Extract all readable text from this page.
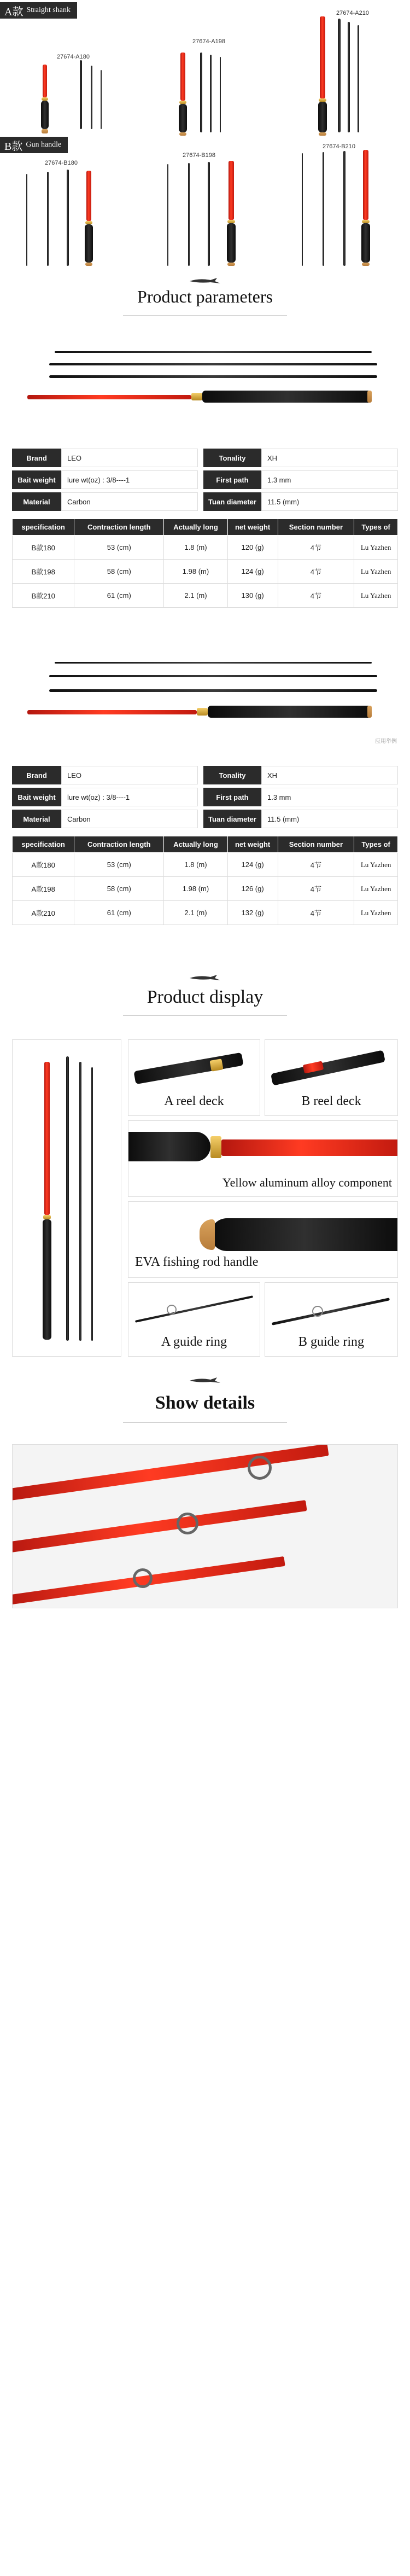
A款 Straight shank
27674-A180
27674-A198
27674-A210
B款 Gun handle
27674-B180
27674-B198
27674-B210
Product parameters
Brand	LEO	Tonality	XH
Bait weight	lure wt(oz) : 3/8----1	First path	1.3 mm
Material	Carbon	Tuan diameter	11.5 (mm)
specification	Contraction length	Actually long	net weight	Section number	Types of
B款180	53 (cm)	1.8 (m)	120 (g)	4节	Lu Yazhen
B款198	58 (cm)	1.98 (m)	124 (g)	4节	Lu Yazhen
B款210	61 (cm)	2.1 (m)	130 (g)	4节	Lu Yazhen
应用举例
Brand	LEO	Tonality	XH
Bait weight	lure wt(oz) : 3/8----1	First path	1.3 mm
Material	Carbon	Tuan diameter	11.5 (mm)
specification	Contraction length	Actually long	net weight	Section number	Types of
A款180	53 (cm)	1.8 (m)	124 (g)	4节	Lu Yazhen
A款198	58 (cm)	1.98 (m)	126 (g)	4节	Lu Yazhen
A款210	61 (cm)	2.1 (m)	132 (g)	4节	Lu Yazhen
Product display
A reel deck	B reel deck
Yellow aluminum alloy component
EVA fishing rod handle
A guide ring	B guide ring
Show details
